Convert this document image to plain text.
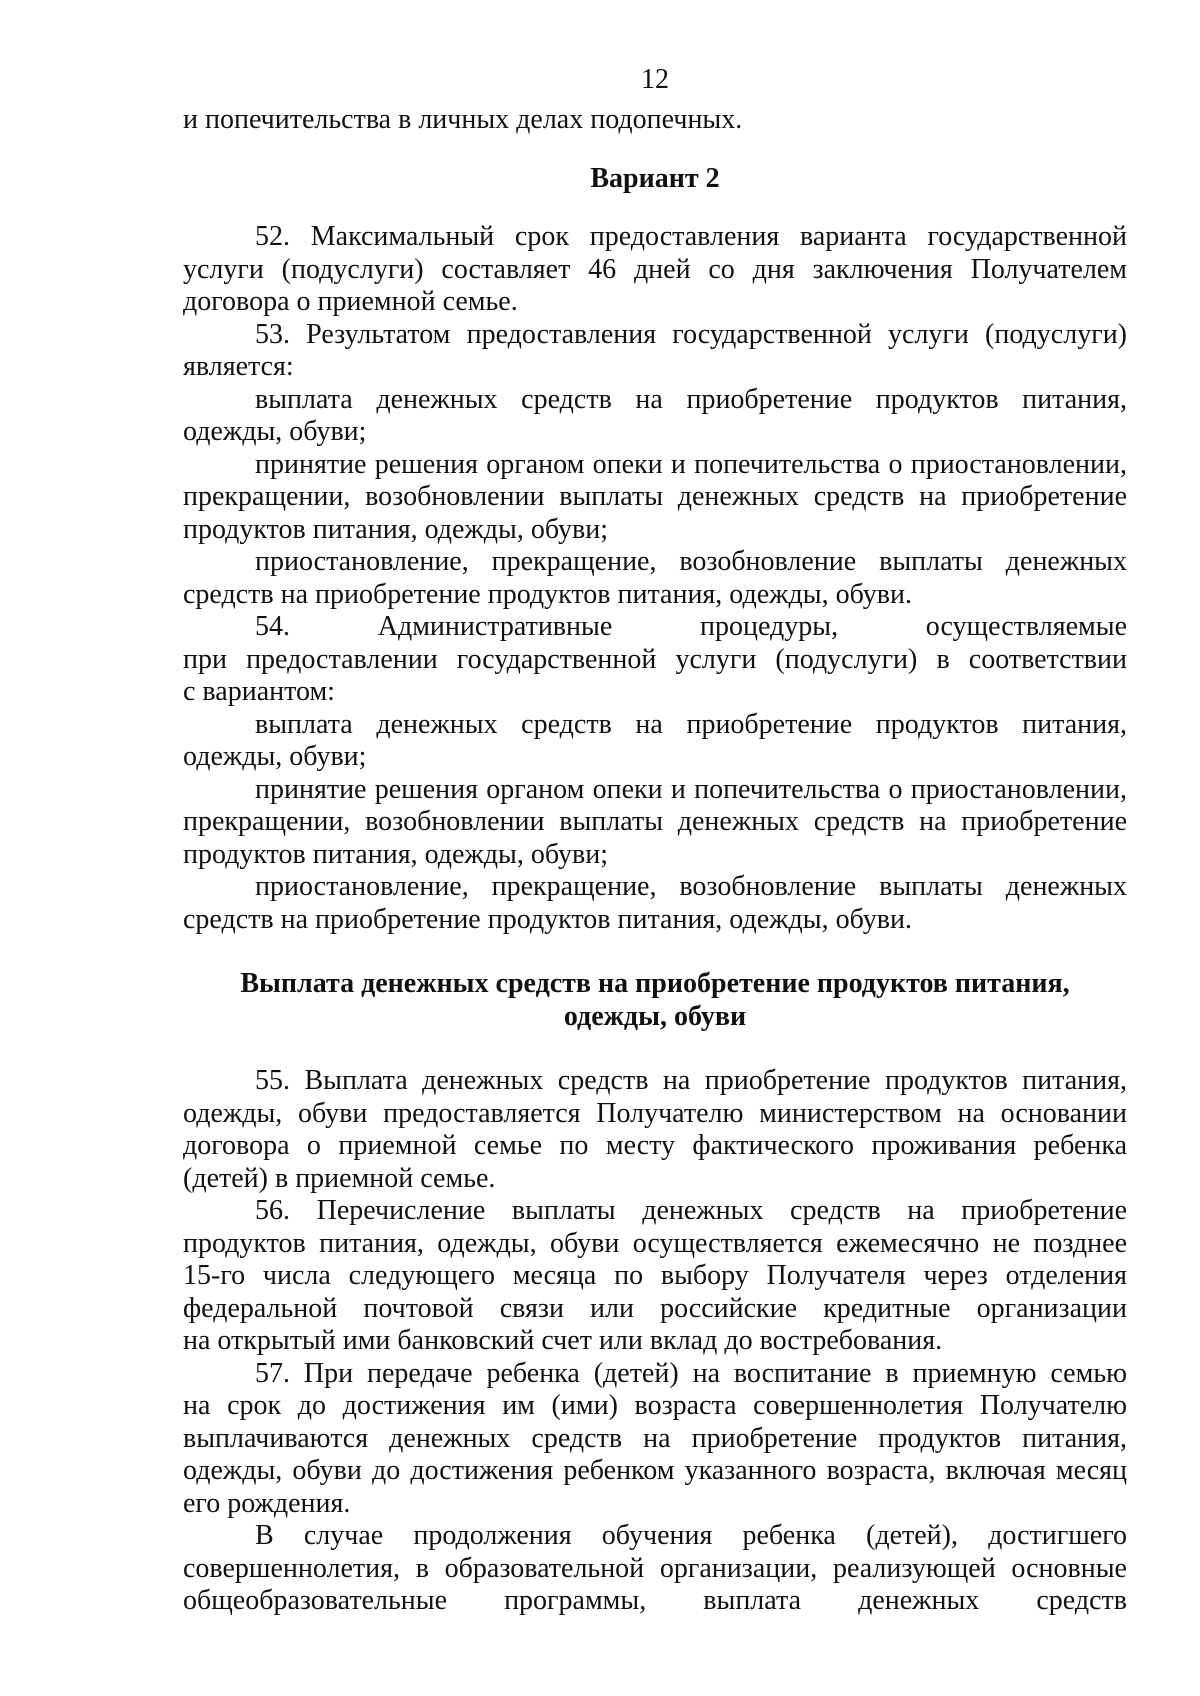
12

и попечительства в личных делах подопечных.

Вариант 2

52. Максимальный срок предоставления варианта государственной

услуги (подуслуги) составляет 46 дней со дня заключения Получателем

договора о приемной семье.

53. Результатом предоставления государственной услуги (подуслуги)

является:

выплата денежных средств на приобретение продуктов питания,

одежды, обуви;

принятие решения органом опеки и попечительства о приостановлении,

прекращении, возобновлении выплаты денежных средств на приобретение

продуктов питания, одежды, обуви;

приостановление, прекращение, возобновление выплаты денежных

средств на приобретение продуктов питания, одежды, обуви.

54. Административные процедуры, осуществляемые

при предоставлении государственной услуги (подуслуги) в соответствии

с вариантом:

выплата денежных средств на приобретение продуктов питания,

одежды, обуви;

принятие решения органом опеки и попечительства о приостановлении,

прекращении, возобновлении выплаты денежных средств на приобретение

продуктов питания, одежды, обуви;

приостановление, прекращение, возобновление выплаты денежных

средств на приобретение продуктов питания, одежды, обуви.

Выплата денежных средств на приобретение продуктов питания,

одежды, обуви

55. Выплата денежных средств на приобретение продуктов питания,

одежды, обуви предоставляется Получателю министерством на основании

договора о приемной семье по месту фактического проживания ребенка

(детей) в приемной семье.

56. Перечисление выплаты денежных средств на приобретение

продуктов питания, одежды, обуви осуществляется ежемесячно не позднее

15-го числа следующего месяца по выбору Получателя через отделения

федеральной почтовой связи или российские кредитные организации

на открытый ими банковский счет или вклад до востребования.

57. При передаче ребенка (детей) на воспитание в приемную семью

на срок до достижения им (ими) возраста совершеннолетия Получателю

выплачиваются денежных средств на приобретение продуктов питания,

одежды, обуви до достижения ребенком указанного возраста, включая месяц

его рождения.

В случае продолжения обучения ребенка (детей), достигшего

совершеннолетия, в образовательной организации, реализующей основные

общеобразовательные программы, выплата денежных средств
